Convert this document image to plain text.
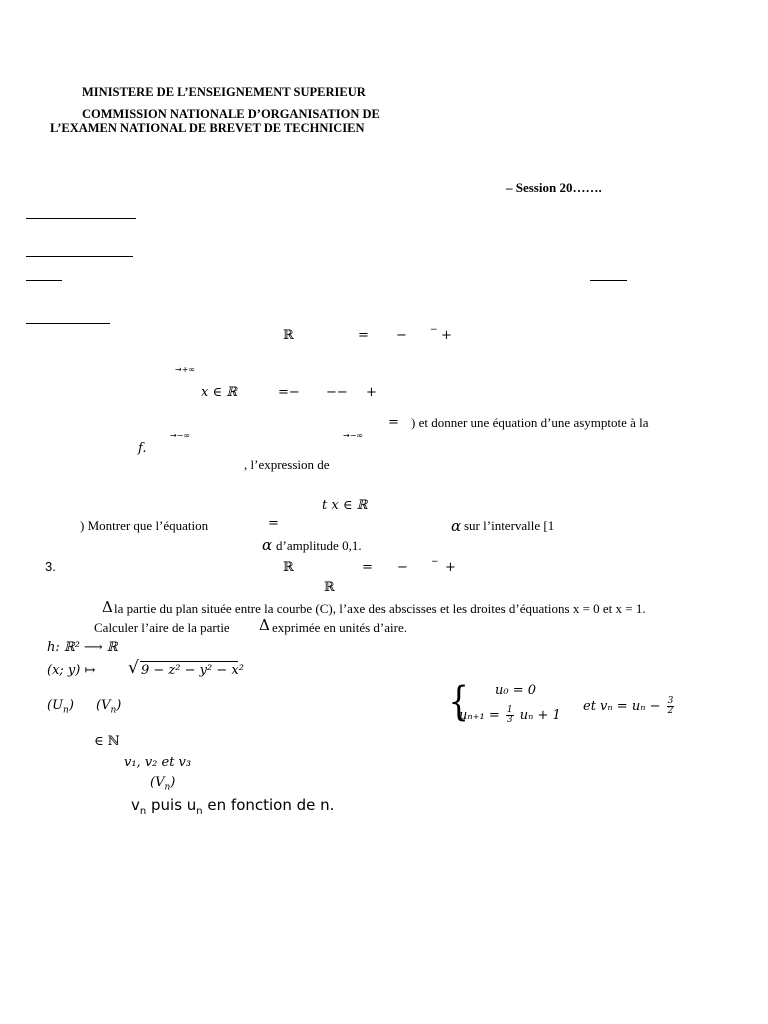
MINISTERE DE L’ENSEIGNEMENT SUPERIEUR
COMMISSION NATIONALE D’ORGANISATION DE
L’EXAMEN NATIONAL DE BREVET DE TECHNICIEN
– Session 20…….
ℝ	= −	− +
→+∞
x ∈ ℝ	=− −− +
= ) et donner une équation d’une asymptote à la
→−∞	→−∞
f.
, l’expression de
t x ∈ ℝ
) Montrer que l’équation	=	α sur l’intervalle [1
α d’amplitude 0,1.
3.	ℝ	= −	− +
ℝ
Δ la partie du plan située entre la courbe (C), l’axe des abscisses et les droites d’équations x = 0 et x = 1.
Calculer l’aire de la partie Δ exprimée en unités d’aire.
h: ℝ² ⟶ ℝ
(x; y) ↦ √ 9 − z² − y² − x²
$(U_n)$ $(V_n)$	{ u₀ = 0
$u_{n+1} = \frac{1}{3}$ uₙ + 1
et $v_n = u_n - \frac{3}{2}$
∈ ℕ
v₁, v₂ et v₃
$(V_n)$
$v_n$ puis $u_n$ en fonction de n.
